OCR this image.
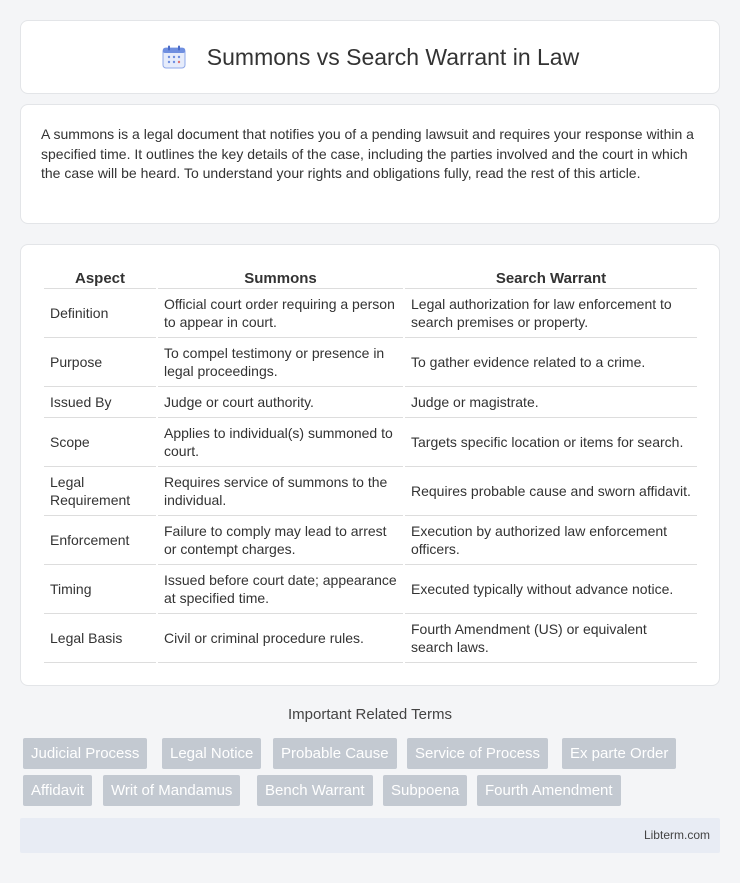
Summons vs Search Warrant in Law

A summons is a legal document that notifies you of a pending lawsuit and requires your response within a specified time. It outlines the key details of the case, including the parties involved and the court in which the case will be heard. To understand your rights and obligations fully, read the rest of this article.

Aspect	Summons	Search Warrant
Definition	Official court order requiring a person to appear in court.	Legal authorization for law enforcement to search premises or property.
Purpose	To compel testimony or presence in legal proceedings.	To gather evidence related to a crime.
Issued By	Judge or court authority.	Judge or magistrate.
Scope	Applies to individual(s) summoned to court.	Targets specific location or items for search.
Legal Requirement	Requires service of summons to the individual.	Requires probable cause and sworn affidavit.
Enforcement	Failure to comply may lead to arrest or contempt charges.	Execution by authorized law enforcement officers.
Timing	Issued before court date; appearance at specified time.	Executed typically without advance notice.
Legal Basis	Civil or criminal procedure rules.	Fourth Amendment (US) or equivalent search laws.
Important Related Terms
Judicial Process	Legal Notice	Probable Cause	Service of Process	Ex parte Order
Affidavit	Writ of Mandamus	Bench Warrant	Subpoena	Fourth Amendment
Libterm.com
